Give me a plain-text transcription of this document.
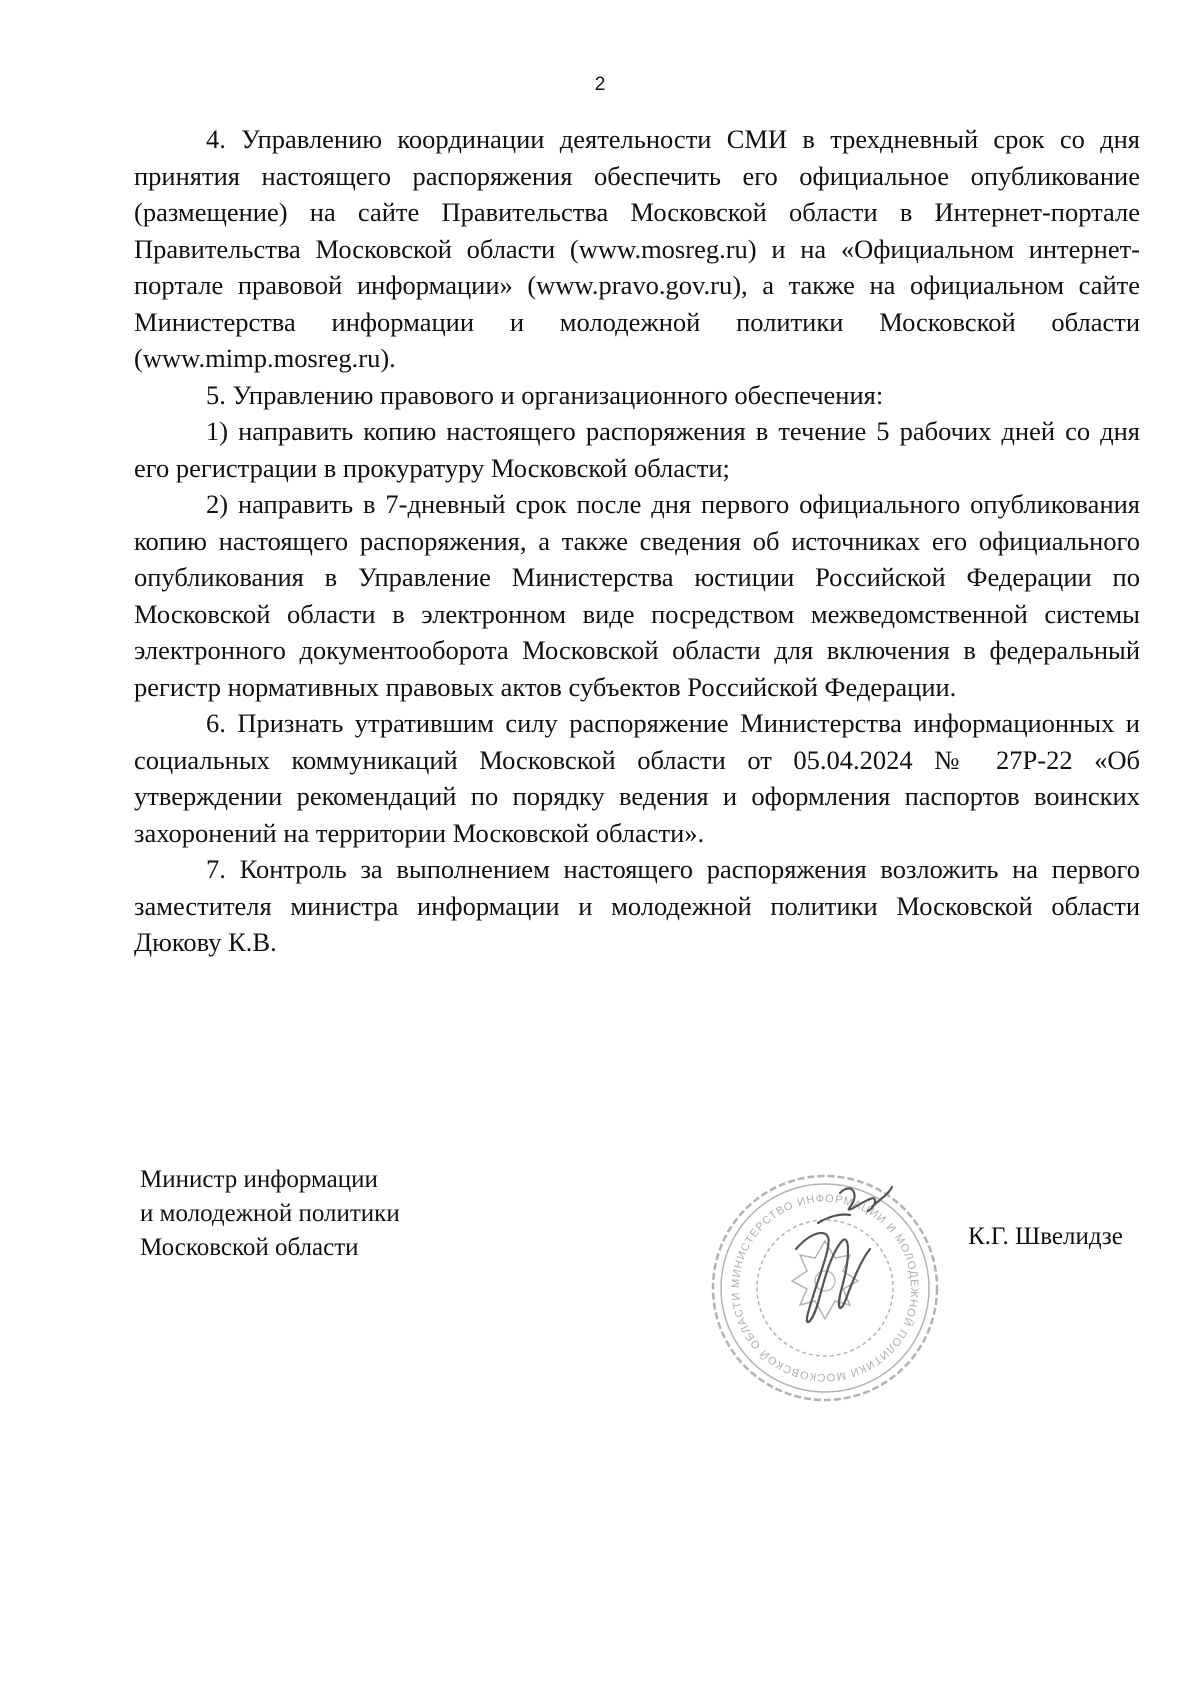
2

4. Управлению координации деятельности СМИ в трехдневный срок со дня принятия настоящего распоряжения обеспечить его официальное опубликование (размещение) на сайте Правительства Московской области в Интернет-портале Правительства Московской области (www.mosreg.ru) и на «Официальном интернет-портале правовой информации» (www.pravo.gov.ru), а также на официальном сайте Министерства информации и молодежной политики Московской области (www.mimp.mosreg.ru).

5. Управлению правового и организационного обеспечения:

1) направить копию настоящего распоряжения в течение 5 рабочих дней со дня его регистрации в прокуратуру Московской области;

2) направить в 7-дневный срок после дня первого официального опубликования копию настоящего распоряжения, а также сведения об источниках его официального опубликования в Управление Министерства юстиции Российской Федерации по Московской области в электронном виде посредством межведомственной системы электронного документооборота Московской области для включения в федеральный регистр нормативных правовых актов субъектов Российской Федерации.

6. Признать утратившим силу распоряжение Министерства информационных и социальных коммуникаций Московской области от 05.04.2024 № 27Р-22 «Об утверждении рекомендаций по порядку ведения и оформления паспортов воинских захоронений на территории Московской области».

7. Контроль за выполнением настоящего распоряжения возложить на первого заместителя министра информации и молодежной политики Московской области Дюкову К.В.

Министр информации
и молодежной политики
Московской области
МИНИСТЕРСТВО ИНФОРМАЦИИ И МОЛОДЕЖНОЙ ПОЛИТИКИ МОСКОВСКОЙ ОБЛАСТИ
К.Г. Швелидзе
